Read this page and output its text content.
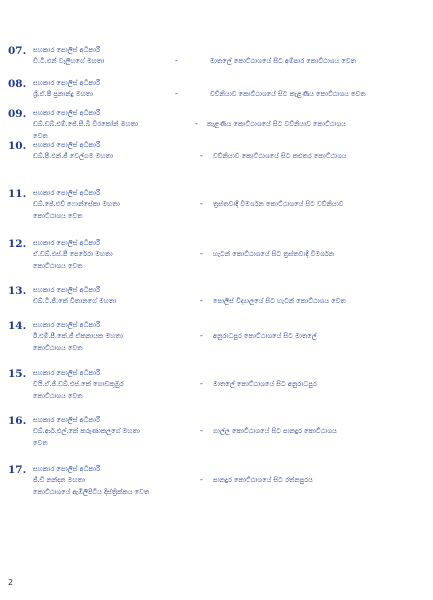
07. සහකාර පොලිස් අධිකාරී
ඩී.ටී.එන් වැලිහගේ මහතා	-	මාතලේ කොට්ඨාශයේ සිට අම්පාර කොට්ඨාශය වෙත
08. සහකාර පොලිස් අධිකාරී
ශ්‍රී.ඒ.පී ප්‍රනාන්දු මහතා	-	වව්නියාව කොට්ඨාශයේ සිට කැළණිය කොට්ඨාශය වෙත
09. සහකාර පොලිස් අධිකාරී
ඩබ්.ඩබ්.එම්.ජේ.සී.බී වීරකෝන් මහතා	- කැළණිය කොට්ඨාශයේ සිට වව්නියාව කොට්ඨාශය
වෙත
10. සහකාර පොලිස් අධිකාරී
ඩබ්.පී.එන්.ජී වෙල්ගම මහතා	- වව්නියාව කොට්ඨාශයේ සිට කළුතර කොට්ඨාශය
11. සහකාර පොලිස් අධිකාරී
ඩබ්.ජේ.එච් ෆොන්සේකා මහතා	- ත්‍රස්තවාදී විමර්ශන කොට්ඨාශයේ සිට වව්නියාව
කොට්ඨාශය වෙත
12. සහකාර පොලිස් අධිකාරී
ඒ.ඩබ්.එස්.පී පෙරේරා මහතා	- හැටන් කොට්ඨාශයේ සිට ත්‍රස්තවාදී විමර්ශන
කොට්ඨාශය වෙත
13. සහකාර පොලිස් අධිකාරී
ඩබ්.ටී.ජී.කේ විතානගේ මහතා	- පොලිස් විද්‍යාලයේ සිට හැටන් කොට්ඨාශය වෙත
14. සහකාර පොලිස් අධිකාරී
ඊ.එම්.පී.කේ.ජී ඒකනායක මහතා	- අනුරාධපුර කොට්ඨාශයේ සිට මාතලේ
කොට්ඨාශය වෙත
15. සහකාර පොලිස් අධිකාරී
වයි.ඒ.ජී.ඩබ්.එස්.කේ ගොඩකුඹුර	- මාතලේ කොට්ඨාශයේ සිට අනුරාධපුර
කොට්ඨාශය වෙත
16. සහකාර පොලිස් අධිකාරී
ඩබ්.ආර්.එල්.කේ කරුණාකලගේ මහතා	- ගාල්ල කොට්ඨාශයේ සිට පානදුර කොට්ඨාශය
වෙත
17. සහකාර පොලිස් අධිකාරී
ජී.ඩී නන්දන මහතා	- පානදුර කොට්ඨාශයේ සිට රත්නපුරය
කොට්ඨාශයේ ඇඹිලිපිටිය දිස්ත්‍රික්කය වෙත
2
